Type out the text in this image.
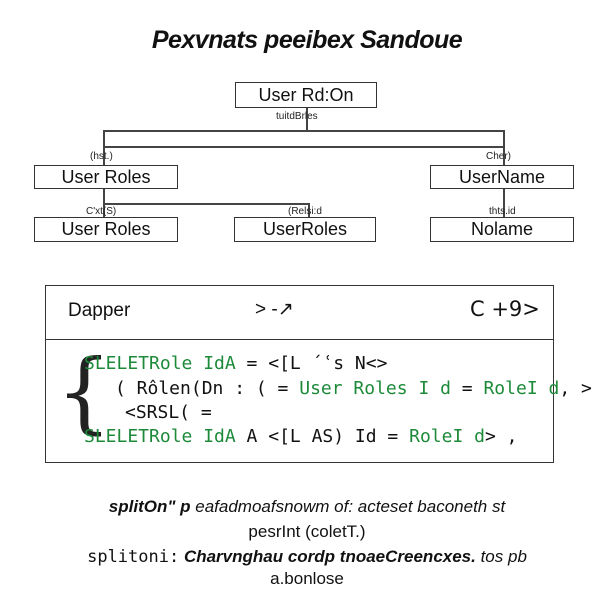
Pexvnats peeibex Sandoue
User Rd:On
tuitdBrles
(hst.)
User Roles
Cher)
UserName
C'xt(S)
User Roles
(Relsi:d
UserRoles
thts.id
Nolame
Dapper	> -↗	C +9>
{
SLELETRole IdA = <[L ´ʿs N<>
( Rôlen(Dn : ( = User Roles I d = RoleI d, >
<SRSL( =
SLELETRole IdA A <[L AS) Id = RoleI d> ,
splitOn" p eafadmoafsnowm of: acteset baconeth st
pesrInt (coletT.)
splitoni: Charvnghau cordp tnoaeCreencxes. tos pb
a.bonlose
